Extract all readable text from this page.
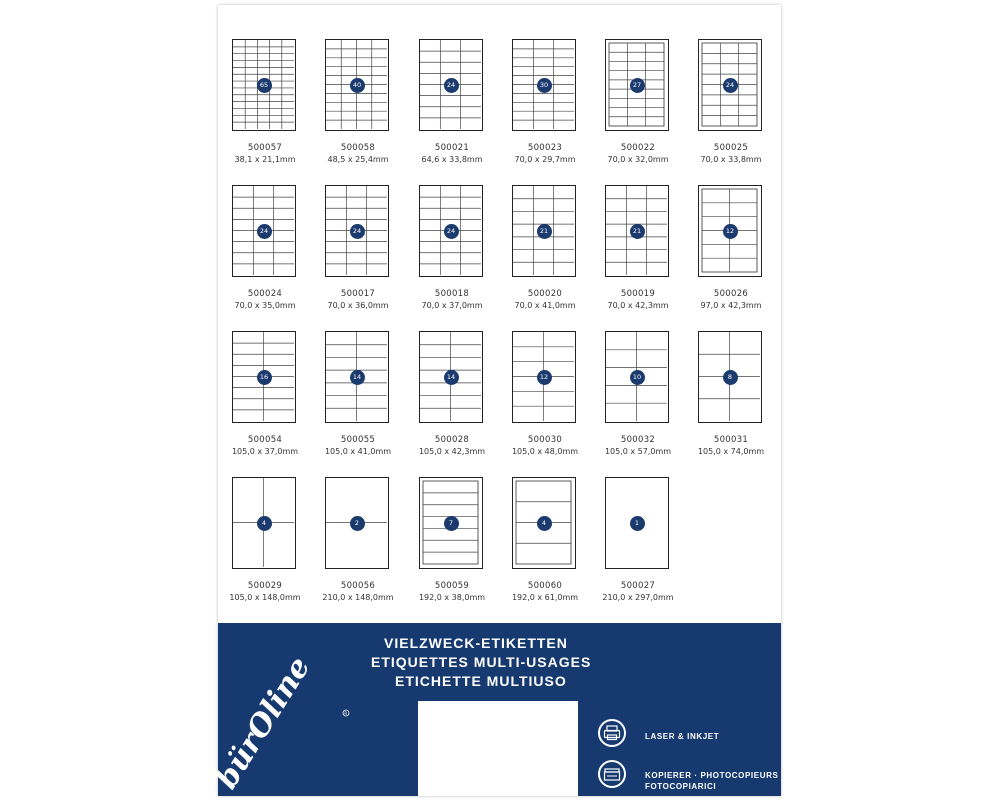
65
500057
38,1 x 21,1mm
40
500058
48,5 x 25,4mm
24
500021
64,6 x 33,8mm
30
500023
70,0 x 29,7mm
27
500022
70,0 x 32,0mm
24
500025
70,0 x 33,8mm
24
500024
70,0 x 35,0mm
24
500017
70,0 x 36,0mm
24
500018
70,0 x 37,0mm
21
500020
70,0 x 41,0mm
21
500019
70,0 x 42,3mm
12
500026
97,0 x 42,3mm
16
500054
105,0 x 37,0mm
14
500055
105,0 x 41,0mm
14
500028
105,0 x 42,3mm
12
500030
105,0 x 48,0mm
10
500032
105,0 x 57,0mm
8
500031
105,0 x 74,0mm
4
500029
105,0 x 148,0mm
2
500056
210,0 x 148,0mm
7
500059
192,0 x 38,0mm
4
500060
192,0 x 61,0mm
1
500027
210,0 x 297,0mm
VIELZWECK-ETIKETTEN
ETIQUETTES MULTI-USAGES
ETICHETTE MULTIUSO
bürOline	R
LASER & INKJET
KOPIERER · PHOTOCOPIEURS
FOTOCOPIARICI
